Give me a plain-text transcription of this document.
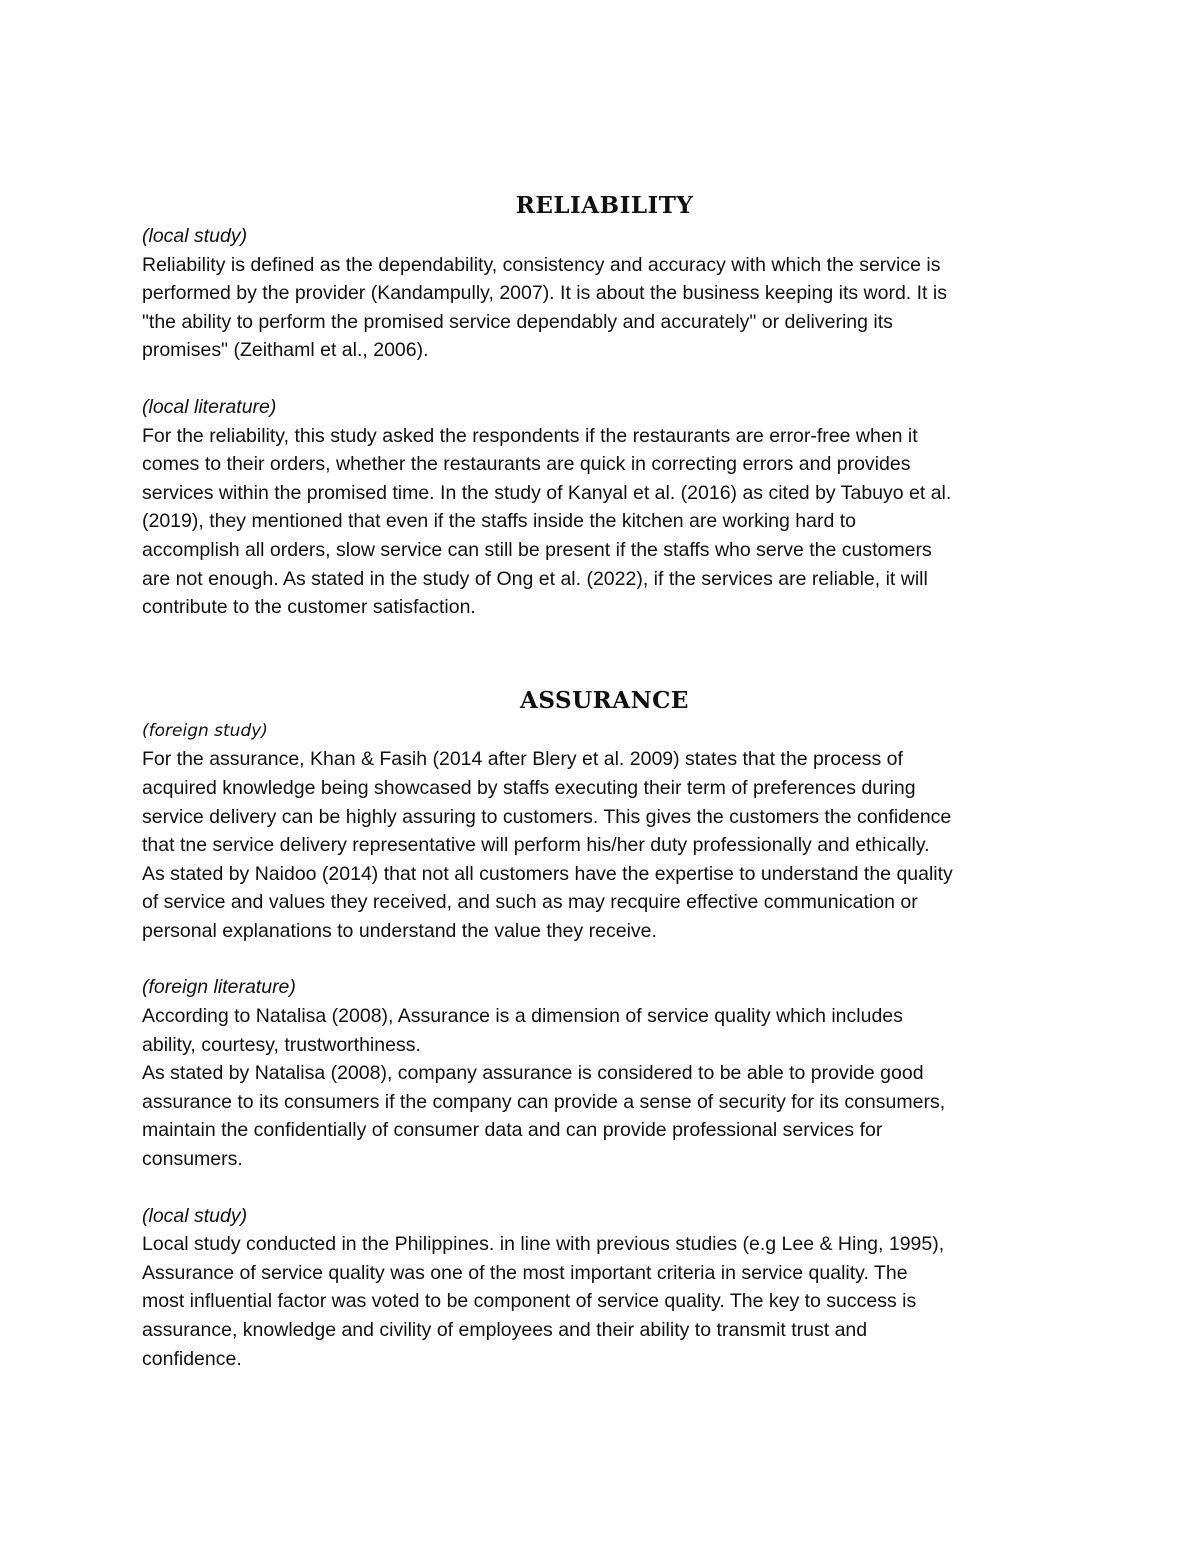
RELIABILITY

(local study)

Reliability is defined as the dependability, consistency and accuracy with which the service is
performed by the provider (Kandampully, 2007). It is about the business keeping its word. It is
"the ability to perform the promised service dependably and accurately" or delivering its
promises" (Zeithaml et al., 2006).

(local literature)

For the reliability, this study asked the respondents if the restaurants are error-free when it
comes to their orders, whether the restaurants are quick in correcting errors and provides
services within the promised time. In the study of Kanyal et al. (2016) as cited by Tabuyo et al.
(2019), they mentioned that even if the staffs inside the kitchen are working hard to
accomplish all orders, slow service can still be present if the staffs who serve the customers
are not enough. As stated in the study of Ong et al. (2022), if the services are reliable, it will
contribute to the customer satisfaction.

ASSURANCE

(foreign study)

For the assurance, Khan & Fasih (2014 after Blery et al. 2009) states that the process of
acquired knowledge being showcased by staffs executing their term of preferences during
service delivery can be highly assuring to customers. This gives the customers the confidence
that tne service delivery representative will perform his/her duty professionally and ethically.
As stated by Naidoo (2014) that not all customers have the expertise to understand the quality
of service and values they received, and such as may recquire effective communication or
personal explanations to understand the value they receive.

(foreign literature)

According to Natalisa (2008), Assurance is a dimension of service quality which includes
ability, courtesy, trustworthiness.
As stated by Natalisa (2008), company assurance is considered to be able to provide good
assurance to its consumers if the company can provide a sense of security for its consumers,
maintain the confidentially of consumer data and can provide professional services for
consumers.

(local study)

Local study conducted in the Philippines. in line with previous studies (e.g Lee & Hing, 1995),
Assurance of service quality was one of the most important criteria in service quality. The
most influential factor was voted to be component of service quality. The key to success is
assurance, knowledge and civility of employees and their ability to transmit trust and
confidence.
